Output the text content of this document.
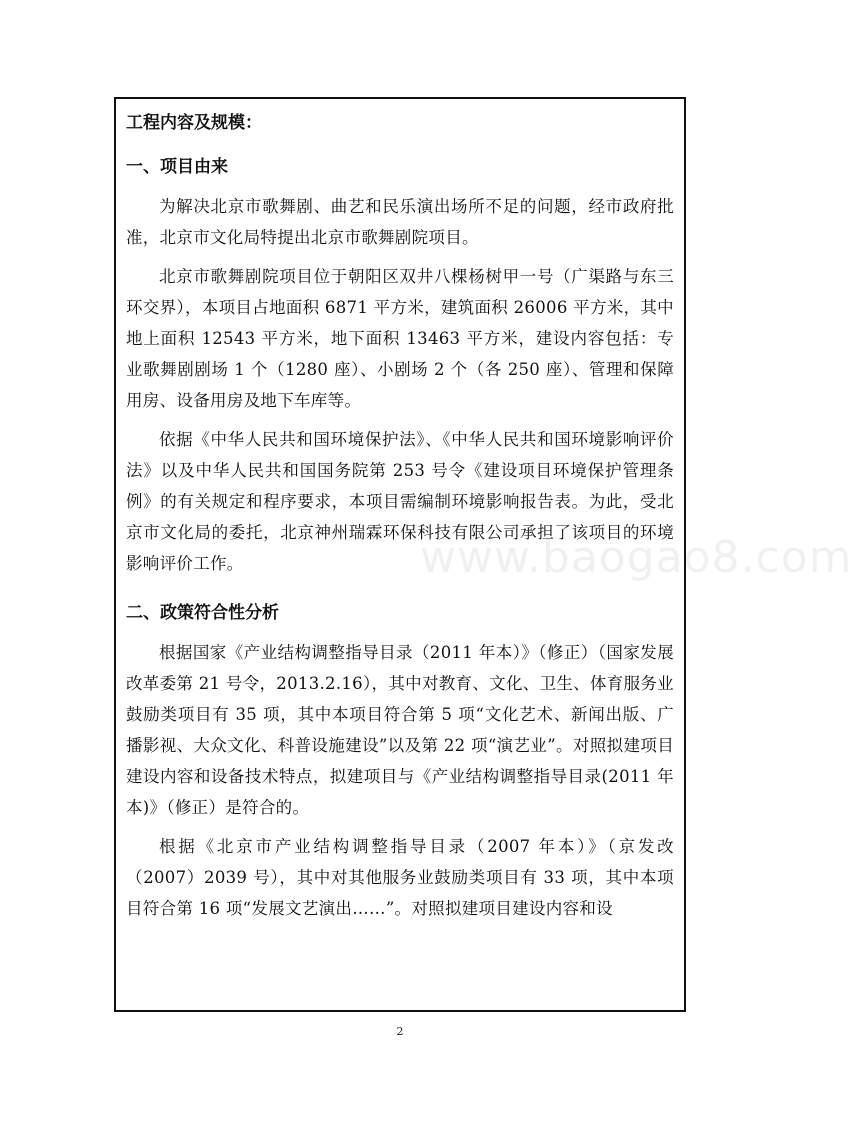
工程内容及规模：

一、项目由来

为解决北京市歌舞剧、曲艺和民乐演出场所不足的问题，经市政府批准，北京市文化局特提出北京市歌舞剧院项目。

北京市歌舞剧院项目位于朝阳区双井八棵杨树甲一号（广渠路与东三环交界），本项目占地面积 6871 平方米，建筑面积 26006 平方米，其中地上面积 12543 平方米，地下面积 13463 平方米，建设内容包括：专业歌舞剧剧场 1 个（1280 座）、小剧场 2 个（各 250 座）、管理和保障用房、设备用房及地下车库等。

依据《中华人民共和国环境保护法》、《中华人民共和国环境影响评价法》以及中华人民共和国国务院第 253 号令《建设项目环境保护管理条例》的有关规定和程序要求，本项目需编制环境影响报告表。为此，受北京市文化局的委托，北京神州瑞霖环保科技有限公司承担了该项目的环境影响评价工作。

二、政策符合性分析

根据国家《产业结构调整指导目录（2011 年本）》（修正）（国家发展改革委第 21 号令，2013.2.16），其中对教育、文化、卫生、体育服务业鼓励类项目有 35 项，其中本项目符合第 5 项“文化艺术、新闻出版、广播影视、大众文化、科普设施建设”以及第 22 项“演艺业”。对照拟建项目建设内容和设备技术特点，拟建项目与《产业结构调整指导目录(2011 年本)》（修正）是符合的。

根据《北京市产业结构调整指导目录（2007 年本）》（京发改（2007）2039 号），其中对其他服务业鼓励类项目有 33 项，其中本项目符合第 16 项“发展文艺演出……”。对照拟建项目建设内容和设

www.baogao8.com
2
